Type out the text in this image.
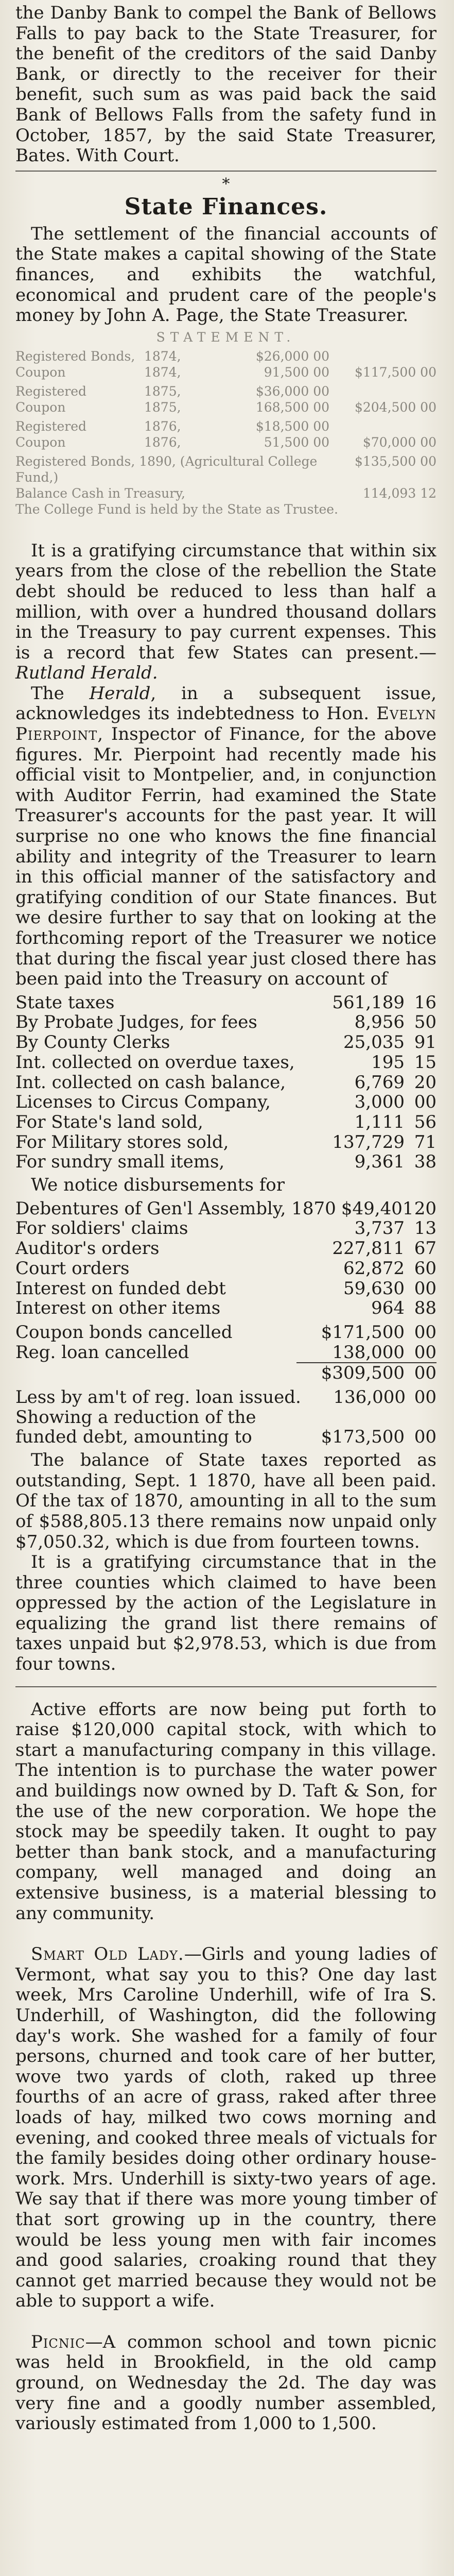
the Danby Bank to compel the Bank of Bellows Falls to pay back to the State Treasurer, for the benefit of the creditors of the said Danby Bank, or directly to the receiver for their benefit, such sum as was paid back the said Bank of Bellows Falls from the safety fund in October, 1857, by the said State Treasurer, Bates. With Court.

*
State Finances.

The settlement of the financial accounts of the State makes a capital showing of the State finances, and exhibits the watchful, economical and prudent care of the people's money by John A. Page, the State Treasurer.

STATEMENT.
Registered Bonds, 1874,	$26,000 00
Coupon	1874,	91,500 00	$117,500 00
Registered	1875,	$36,000 00
Coupon	1875,	168,500 00	$204,500 00
Registered	1876,	$18,500 00
Coupon	1876,	51,500 00	$70,000 00
Registered Bonds, 1890, (Agricultural College Fund,)
$135,500 00
Balance Cash in Treasury,	114,093 12
The College Fund is held by the State as Trustee.

It is a gratifying circumstance that within six years from the close of the rebellion the State debt should be reduced to less than half a million, with over a hundred thousand dollars in the Treasury to pay current expenses. This is a record that few States can present.—Rutland Herald.

The Herald, in a subsequent issue, acknowledges its indebtedness to Hon. Evelyn Pierpoint, Inspector of Finance, for the above figures. Mr. Pierpoint had recently made his official visit to Montpelier, and, in conjunction with Auditor Ferrin, had examined the State Treasurer's accounts for the past year. It will surprise no one who knows the fine financial ability and integrity of the Treasurer to learn in this official manner of the satisfactory and gratifying condition of our State finances. But we desire further to say that on looking at the forthcoming report of the Treasurer we notice that during the fiscal year just closed there has been paid into the Treasury on account of

State taxes	561,189 16
By Probate Judges, for fees	8,956 50
By County Clerks	25,035 91
Int. collected on overdue taxes,	195 15
Int. collected on cash balance,	6,769 20
Licenses to Circus Company,	3,000 00
For State's land sold,	1,111 56
For Military stores sold,	137,729 71
For sundry small items,	9,361 38

We notice disbursements for

Debentures of Gen'l Assembly, 1870 $49,401 20
For soldiers' claims	3,737 13
Auditor's orders	227,811 67
Court orders	62,872 60
Interest on funded debt	59,630 00
Interest on other items	964 88
Coupon bonds cancelled	$171,500 00
Reg. loan cancelled	138,000 00
$309,500 00
Less by am't of reg. loan issued.	136,000 00
Showing a reduction of the funded debt, amounting to	$173,500 00

The balance of State taxes reported as outstanding, Sept. 1 1870, have all been paid. Of the tax of 1870, amounting in all to the sum of $588,805.13 there remains now unpaid only $7,050.32, which is due from fourteen towns.

It is a gratifying circumstance that in the three counties which claimed to have been oppressed by the action of the Legislature in equalizing the grand list there remains of taxes unpaid but $2,978.53, which is due from four towns.

Active efforts are now being put forth to raise $120,000 capital stock, with which to start a manufacturing company in this village. The intention is to purchase the water power and buildings now owned by D. Taft & Son, for the use of the new corporation. We hope the stock may be speedily taken. It ought to pay better than bank stock, and a manufacturing company, well managed and doing an extensive business, is a material blessing to any community.

Smart Old Lady.—Girls and young ladies of Vermont, what say you to this? One day last week, Mrs Caroline Underhill, wife of Ira S. Underhill, of Washington, did the following day's work. She washed for a family of four persons, churned and took care of her butter, wove two yards of cloth, raked up three fourths of an acre of grass, raked after three loads of hay, milked two cows morning and evening, and cooked three meals of victuals for the family besides doing other ordinary house-work. Mrs. Underhill is sixty-two years of age. We say that if there was more young timber of that sort growing up in the country, there would be less young men with fair incomes and good salaries, croaking round that they cannot get married because they would not be able to support a wife.

Picnic—A common school and town picnic was held in Brookfield, in the old camp ground, on Wednesday the 2d. The day was very fine and a goodly number assembled, variously estimated from 1,000 to 1,500.
